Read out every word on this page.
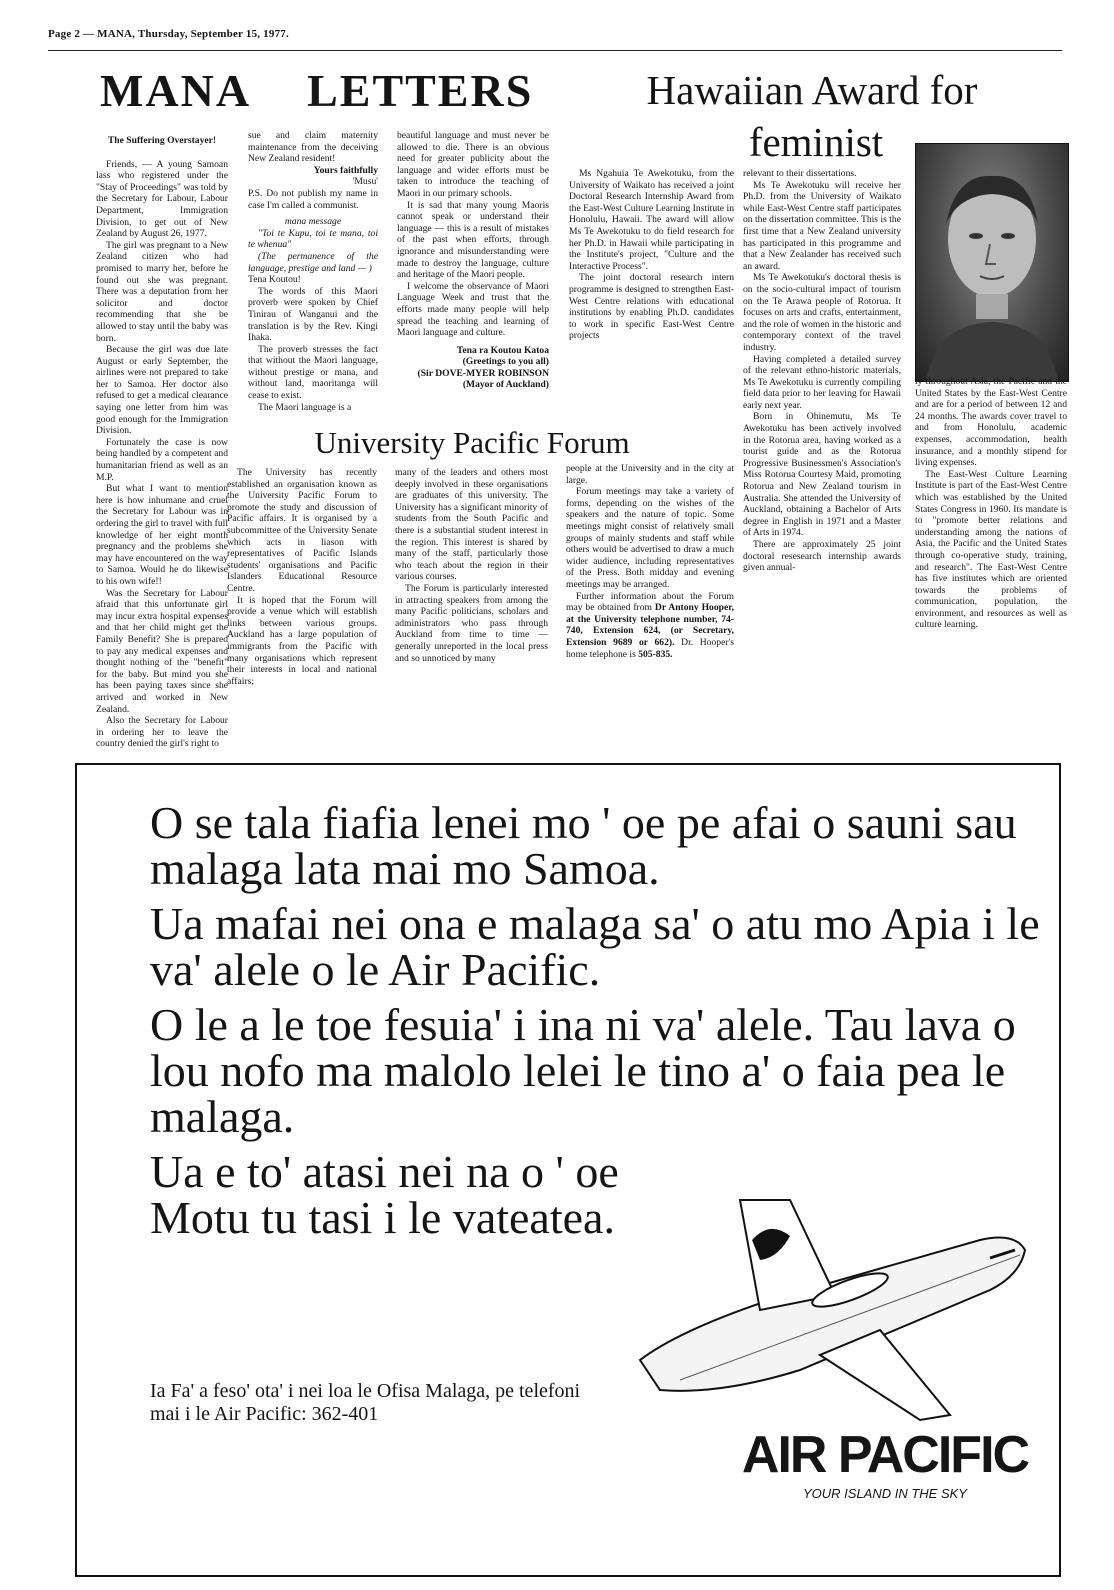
Page 2 — MANA, Thursday, September 15, 1977.
MANA LETTERS	Hawaiian Award for
feminist
The Suffering Overstayer!

Friends, — A young Samoan lass who registered under the "Stay of Proceedings" was told by the Secretary for Labour, Labour Department, Immigration Division, to get out of New Zealand by August 26, 1977.

The girl was pregnant to a New Zealand citizen who had promised to marry her, before he found out she was pregnant. There was a deputation from her solicitor and doctor recommending that she be allowed to stay until the baby was born.

Because the girl was due late August or early September, the airlines were not prepared to take her to Samoa. Her doctor also refused to get a medical clearance saying one letter from him was good enough for the Immigration Division.

Fortunately the case is now being handled by a competent and humanitarian friend as well as an M.P.

But what I want to mention here is how inhumane and cruel the Secretary for Labour was in ordering the girl to travel with full knowledge of her eight month pregnancy and the problems she may have encountered on the way to Samoa. Would he do likewise to his own wife!!

Was the Secretary for Labour afraid that this unfortunate girl may incur extra hospital expenses and that her child might get the Family Benefit? She is prepared to pay any medical expenses and thought nothing of the "benefit" for the baby. But mind you she has been paying taxes since she arrived and worked in New Zealand.

Also the Secretary for Labour in ordering her to leave the country denied the girl's right to

sue and claim maternity maintenance from the deceiving New Zealand resident!

Yours faithfully

'Musu'

P.S. Do not publish my name in case I'm called a communist.

mana message

"Toi te Kupu, toi te mana, toi te whenua"

(The permanence of the language, prestige and land — )

Tena Koutou!

The words of this Maori proverb were spoken by Chief Tinirau of Wanganui and the translation is by the Rev. Kingi Ihaka.

The proverb stresses the fact that without the Maori language, without prestige or mana, and without land, maoritanga will cease to exist.

The Maori language is a

beautiful language and must never be allowed to die. There is an obvious need for greater publicity about the language and wider efforts must be taken to introduce the teaching of Maori in our primary schools.

It is sad that many young Maoris cannot speak or understand their language — this is a result of mistakes of the past when efforts, through ignorance and misunderstanding were made to destroy the language, culture and heritage of the Maori people.

I welcome the observance of Maori Language Week and trust that the efforts made many people will help spread the teaching and learning of Maori language and culture.

Tena ra Koutou Katoa

(Greetings to you all)

(Sir DOVE-MYER ROBINSON

(Mayor of Auckland)

Ms Ngahuia Te Awekotuku, from the University of Waikato has received a joint Doctoral Research Internship Award from the East-West Culture Learning Institute in Honolulu, Hawaii. The award will allow Ms Te Awekotuku to do field research for her Ph.D. in Hawaii while participating in the Institute's project, "Culture and the Interactive Process".

The joint doctoral research intern programme is designed to strengthen East-West Centre relations with educational institutions by enabling Ph.D. candidates to work in specific East-West Centre projects

relevant to their dissertations.

Ms Te Awekotuku will receive her Ph.D. from the University of Waikato while East-West Centre staff participates on the dissertation committee. This is the first time that a New Zealand university has participated in this programme and that a New Zealander has received such an award.

Ms Te Awekotuku's doctoral thesis is on the socio-cultural impact of tourism on the Te Arawa people of Rotorua. It focuses on arts and crafts, entertainment, and the role of women in the historic and contemporary context of the travel industry.

Having completed a detailed survey of the relevant ethno-historic materials, Ms Te Awekotuku is currently compiling field data prior to her leaving for Hawaii early next year.

Born in Ohinemutu, Ms Te Awekotuku has been actively involved in the Rotorua area, having worked as a tourist guide and as the Rotorua Progressive Businessmen's Association's Miss Rotorua Courtesy Maid, promoting Rotorua and New Zealand tourism in Australia. She attended the University of Auckland, obtaining a Bachelor of Arts degree in English in 1971 and a Master of Arts in 1974.

There are approximately 25 joint doctoral resesearch internship awards given annual-

ly throughout Asia, the Pacific and the United States by the East-West Centre and are for a period of between 12 and 24 months. The awards cover travel to and from Honolulu, academic expenses, accommodation, health insurance, and a monthly stipend for living expenses.

The East-West Culture Learning Institute is part of the East-West Centre which was established by the United States Congress in 1960. Its mandate is to "promote better relations and understanding among the nations of Asia, the Pacific and the United States through co-operative study, training, and research". The East-West Centre has five institutes which are oriented towards the problems of communication, population, the environment, and resources as well as culture learning.

University Pacific Forum

The University has recently established an organisation known as the University Pacific Forum to promote the study and discussion of Pacific affairs. It is organised by a subcommittee of the University Senate which acts in liason with representatives of Pacific Islands students' organisations and Pacific Islanders Educational Resource Centre.

It is hoped that the Forum will provide a venue which will establish links between various groups. Auckland has a large population of immigrants from the Pacific with many organisations which represent their interests in local and national affairs;

many of the leaders and others most deeply involved in these organisations are graduates of this university. The University has a significant minority of students from the South Pacific and there is a substantial student interest in the region. This interest is shared by many of the staff, particularly those who teach about the region in their various courses.

The Forum is particularly interested in attracting speakers from among the many Pacific politicians, scholars and administrators who pass through Auckland from time to time — generally unreported in the local press and so unnoticed by many

people at the University and in the city at large.

Forum meetings may take a variety of forms, depending on the wishes of the speakers and the nature of topic. Some meetings might consist of relatively small groups of mainly students and staff while others would be advertised to draw a much wider audience, including representatives of the Press. Both midday and evening meetings may be arranged.

Further information about the Forum may be obtained from Dr Antony Hooper, at the University telephone number, 74-740, Extension 624, (or Secretary, Extension 9689 or 662). Dr. Hooper's home telephone is 505-835.

O se tala fiafia lenei mo ' oe pe afai o sauni sau malaga lata mai mo Samoa.

Ua mafai nei ona e malaga sa' o atu mo Apia i le va' alele o le Air Pacific.

O le a le toe fesuia' i ina ni va' alele. Tau lava o lou nofo ma malolo lelei le tino a' o faia pea le malaga.

Ua e to' atasi nei na o ' oe Motu tu tasi i le vateatea.

Ia Fa' a feso' ota' i nei loa le Ofisa Malaga, pe telefoni mai i le Air Pacific: 362-401
AIR PACIFIC
YOUR ISLAND IN THE SKY
